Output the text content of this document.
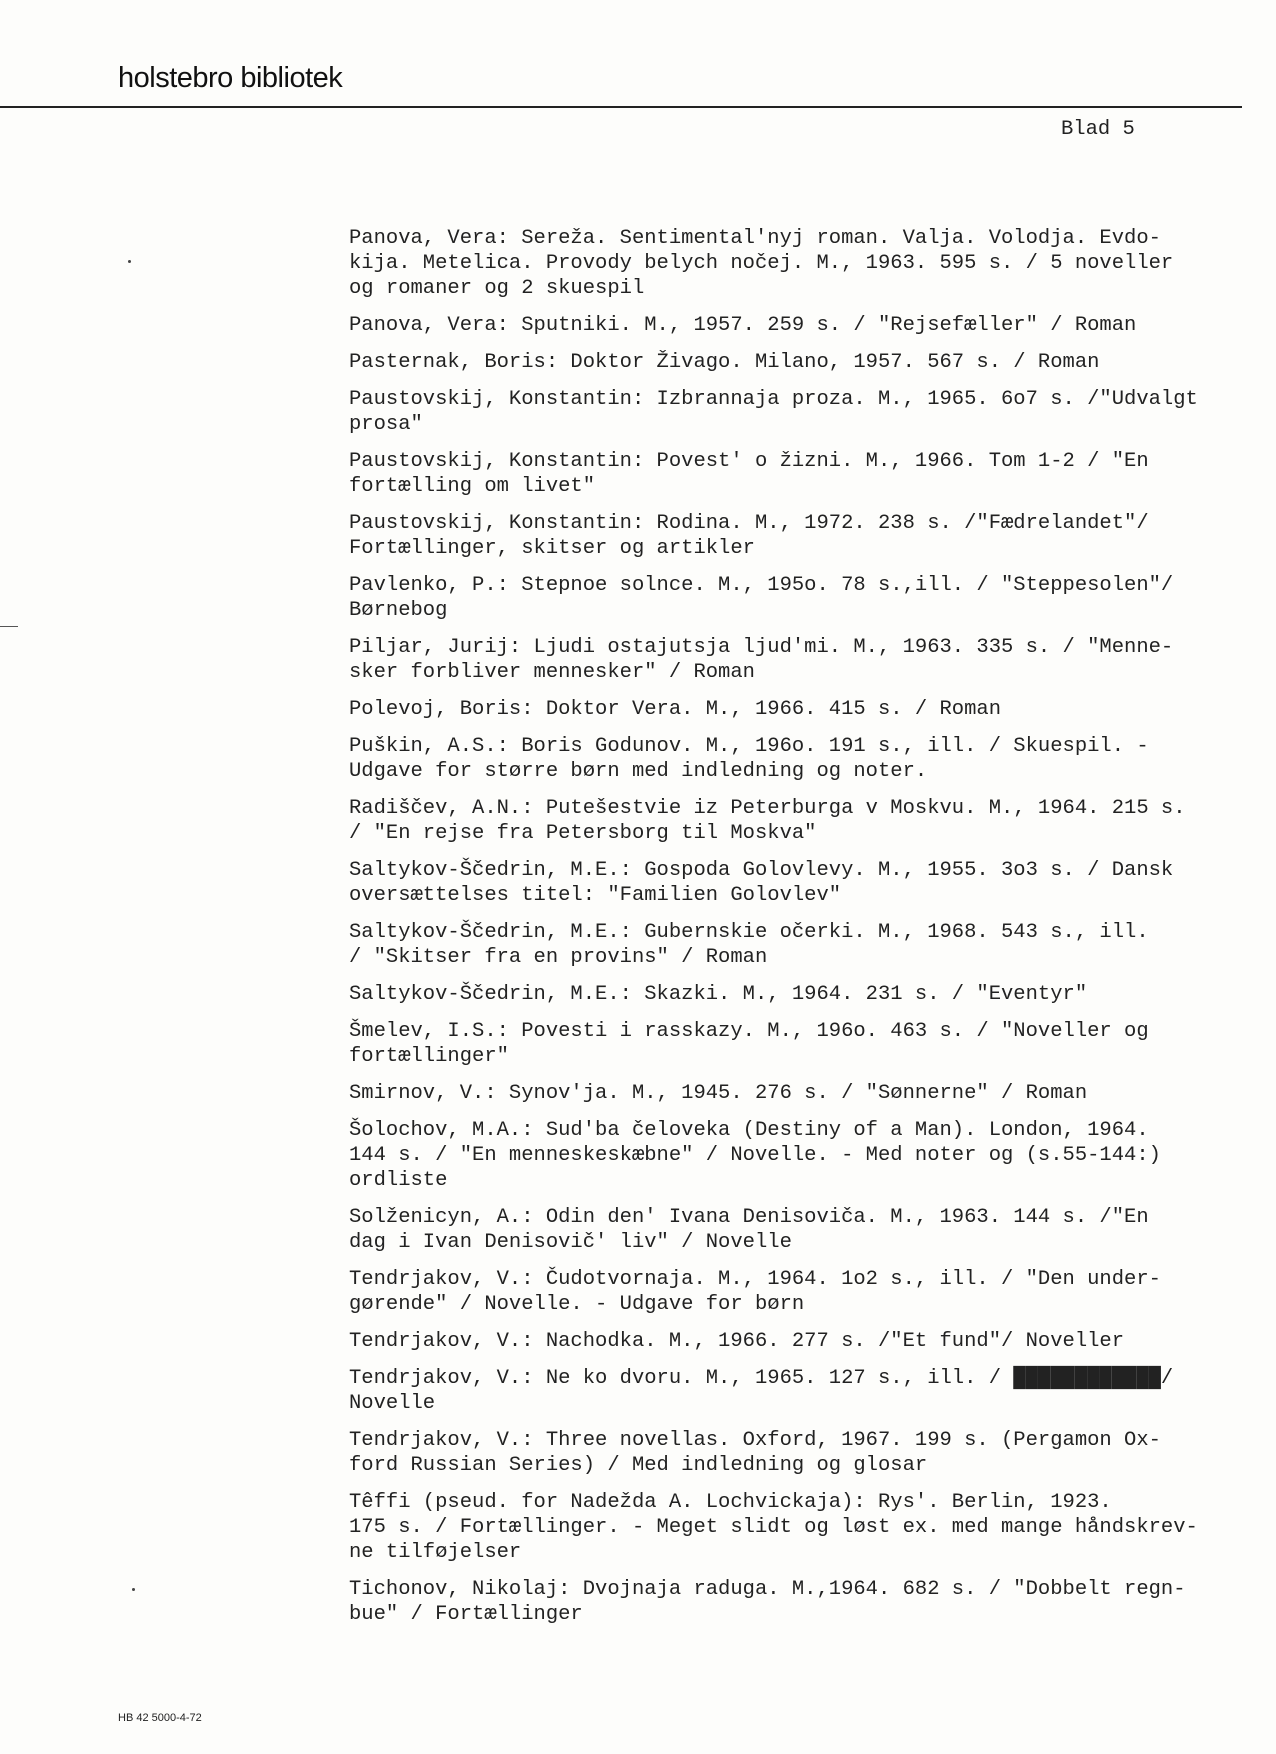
holstebro bibliotek
Blad 5
Panova, Vera: Sereža. Sentimental'nyj roman. Valja. Volodja. Evdo-
kija. Metelica. Provody belych nočej. M., 1963. 595 s. / 5 noveller
og romaner og 2 skuespil
Panova, Vera: Sputniki. M., 1957. 259 s. / "Rejsefæller" / Roman
Pasternak, Boris: Doktor Živago. Milano, 1957. 567 s. / Roman
Paustovskij, Konstantin: Izbrannaja proza. M., 1965. 6o7 s. /"Udvalgt
prosa"
Paustovskij, Konstantin: Povest' o žizni. M., 1966. Tom 1-2 / "En
fortælling om livet"
Paustovskij, Konstantin: Rodina. M., 1972. 238 s. /"Fædrelandet"/
Fortællinger, skitser og artikler
Pavlenko, P.: Stepnoe solnce. M., 195o. 78 s.,ill. / "Steppesolen"/
Børnebog
Piljar, Jurij: Ljudi ostajutsja ljud'mi. M., 1963. 335 s. / "Menne-
sker forbliver mennesker" / Roman
Polevoj, Boris: Doktor Vera. M., 1966. 415 s. / Roman
Puškin, A.S.: Boris Godunov. M., 196o. 191 s., ill. / Skuespil. -
Udgave for større børn med indledning og noter.
Radiščev, A.N.: Putešestvie iz Peterburga v Moskvu. M., 1964. 215 s.
/ "En rejse fra Petersborg til Moskva"
Saltykov-Ščedrin, M.E.: Gospoda Golovlevy. M., 1955. 3o3 s. / Dansk
oversættelses titel: "Familien Golovlev"
Saltykov-Ščedrin, M.E.: Gubernskie očerki. M., 1968. 543 s., ill.
/ "Skitser fra en provins" / Roman
Saltykov-Ščedrin, M.E.: Skazki. M., 1964. 231 s. / "Eventyr"
Šmelev, I.S.: Povesti i rasskazy. M., 196o. 463 s. / "Noveller og
fortællinger"
Smirnov, V.: Synov'ja. M., 1945. 276 s. / "Sønnerne" / Roman
Šolochov, M.A.: Sud'ba čeloveka (Destiny of a Man). London, 1964.
144 s. / "En menneskeskæbne" / Novelle. - Med noter og (s.55-144:)
ordliste
Solženicyn, A.: Odin den' Ivana Denisoviča. M., 1963. 144 s. /"En
dag i Ivan Denisovič' liv" / Novelle
Tendrjakov, V.: Čudotvornaja. M., 1964. 1o2 s., ill. / "Den under-
gørende" / Novelle. - Udgave for børn
Tendrjakov, V.: Nachodka. M., 1966. 277 s. /"Et fund"/ Noveller
Tendrjakov, V.: Ne ko dvoru. M., 1965. 127 s., ill. / ████████████/
Novelle
Tendrjakov, V.: Three novellas. Oxford, 1967. 199 s. (Pergamon Ox-
ford Russian Series) / Med indledning og glosar
Têffi (pseud. for Nadežda A. Lochvickaja): Rys'. Berlin, 1923.
175 s. / Fortællinger. - Meget slidt og løst ex. med mange håndskrev-
ne tilføjelser
Tichonov, Nikolaj: Dvojnaja raduga. M.,1964. 682 s. / "Dobbelt regn-
bue" / Fortællinger
HB 42 5000-4-72
